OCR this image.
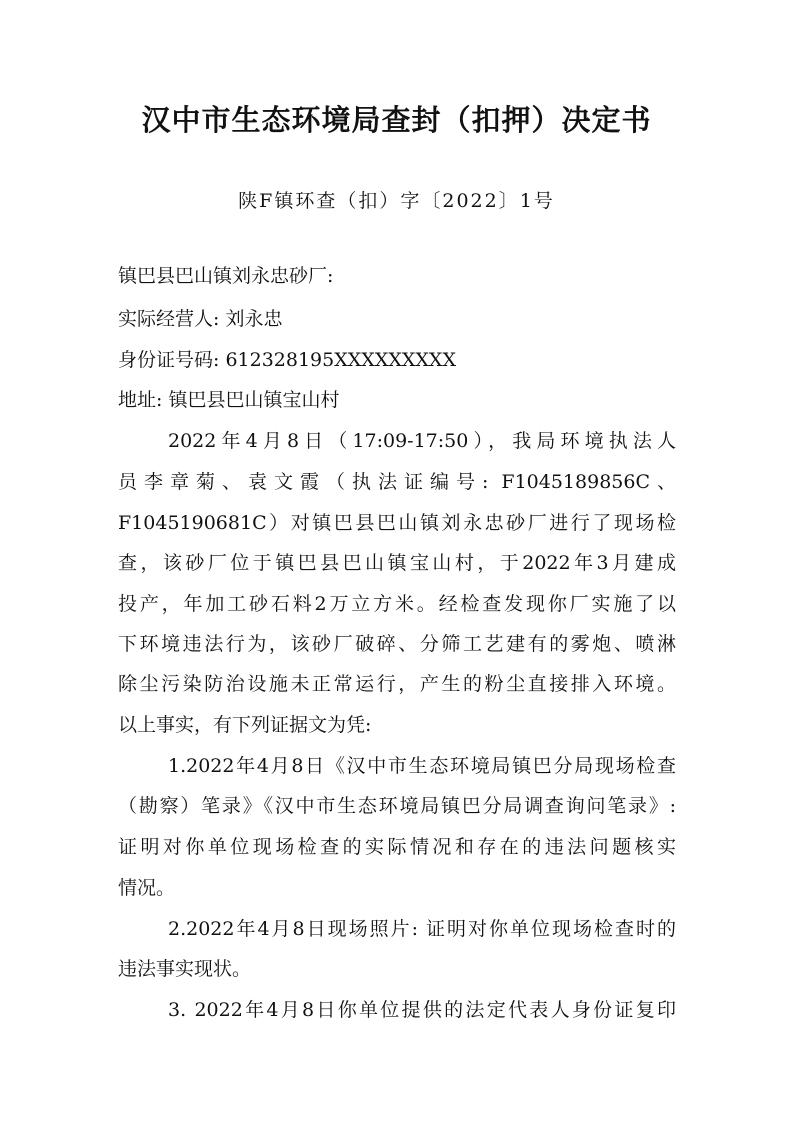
汉中市生态环境局查封（扣押）决定书
陕F镇环查（扣）字〔2022〕1号
镇巴县巴山镇刘永忠砂厂:
实际经营人: 刘永忠
身份证号码: 612328195XXXXXXXXX
地址: 镇巴县巴山镇宝山村
2022年4月8日（17:09-17:50），我局环境执法人
员李章菊、袁文霞（执法证编号: F1045189856C、
F1045190681C）对镇巴县巴山镇刘永忠砂厂进行了现场检
查，该砂厂位于镇巴县巴山镇宝山村，于2022年3月建成
投产，年加工砂石料2万立方米。经检查发现你厂实施了以
下环境违法行为，该砂厂破碎、分筛工艺建有的雾炮、喷淋
除尘污染防治设施未正常运行，产生的粉尘直接排入环境。
以上事实，有下列证据文为凭:
1.2022年4月8日《汉中市生态环境局镇巴分局现场检查
（勘察）笔录》《汉中市生态环境局镇巴分局调查询问笔录》:
证明对你单位现场检查的实际情况和存在的违法问题核实
情况。
2.2022年4月8日现场照片: 证明对你单位现场检查时的
违法事实现状。
3. 2022年4月8日你单位提供的法定代表人身份证复印
